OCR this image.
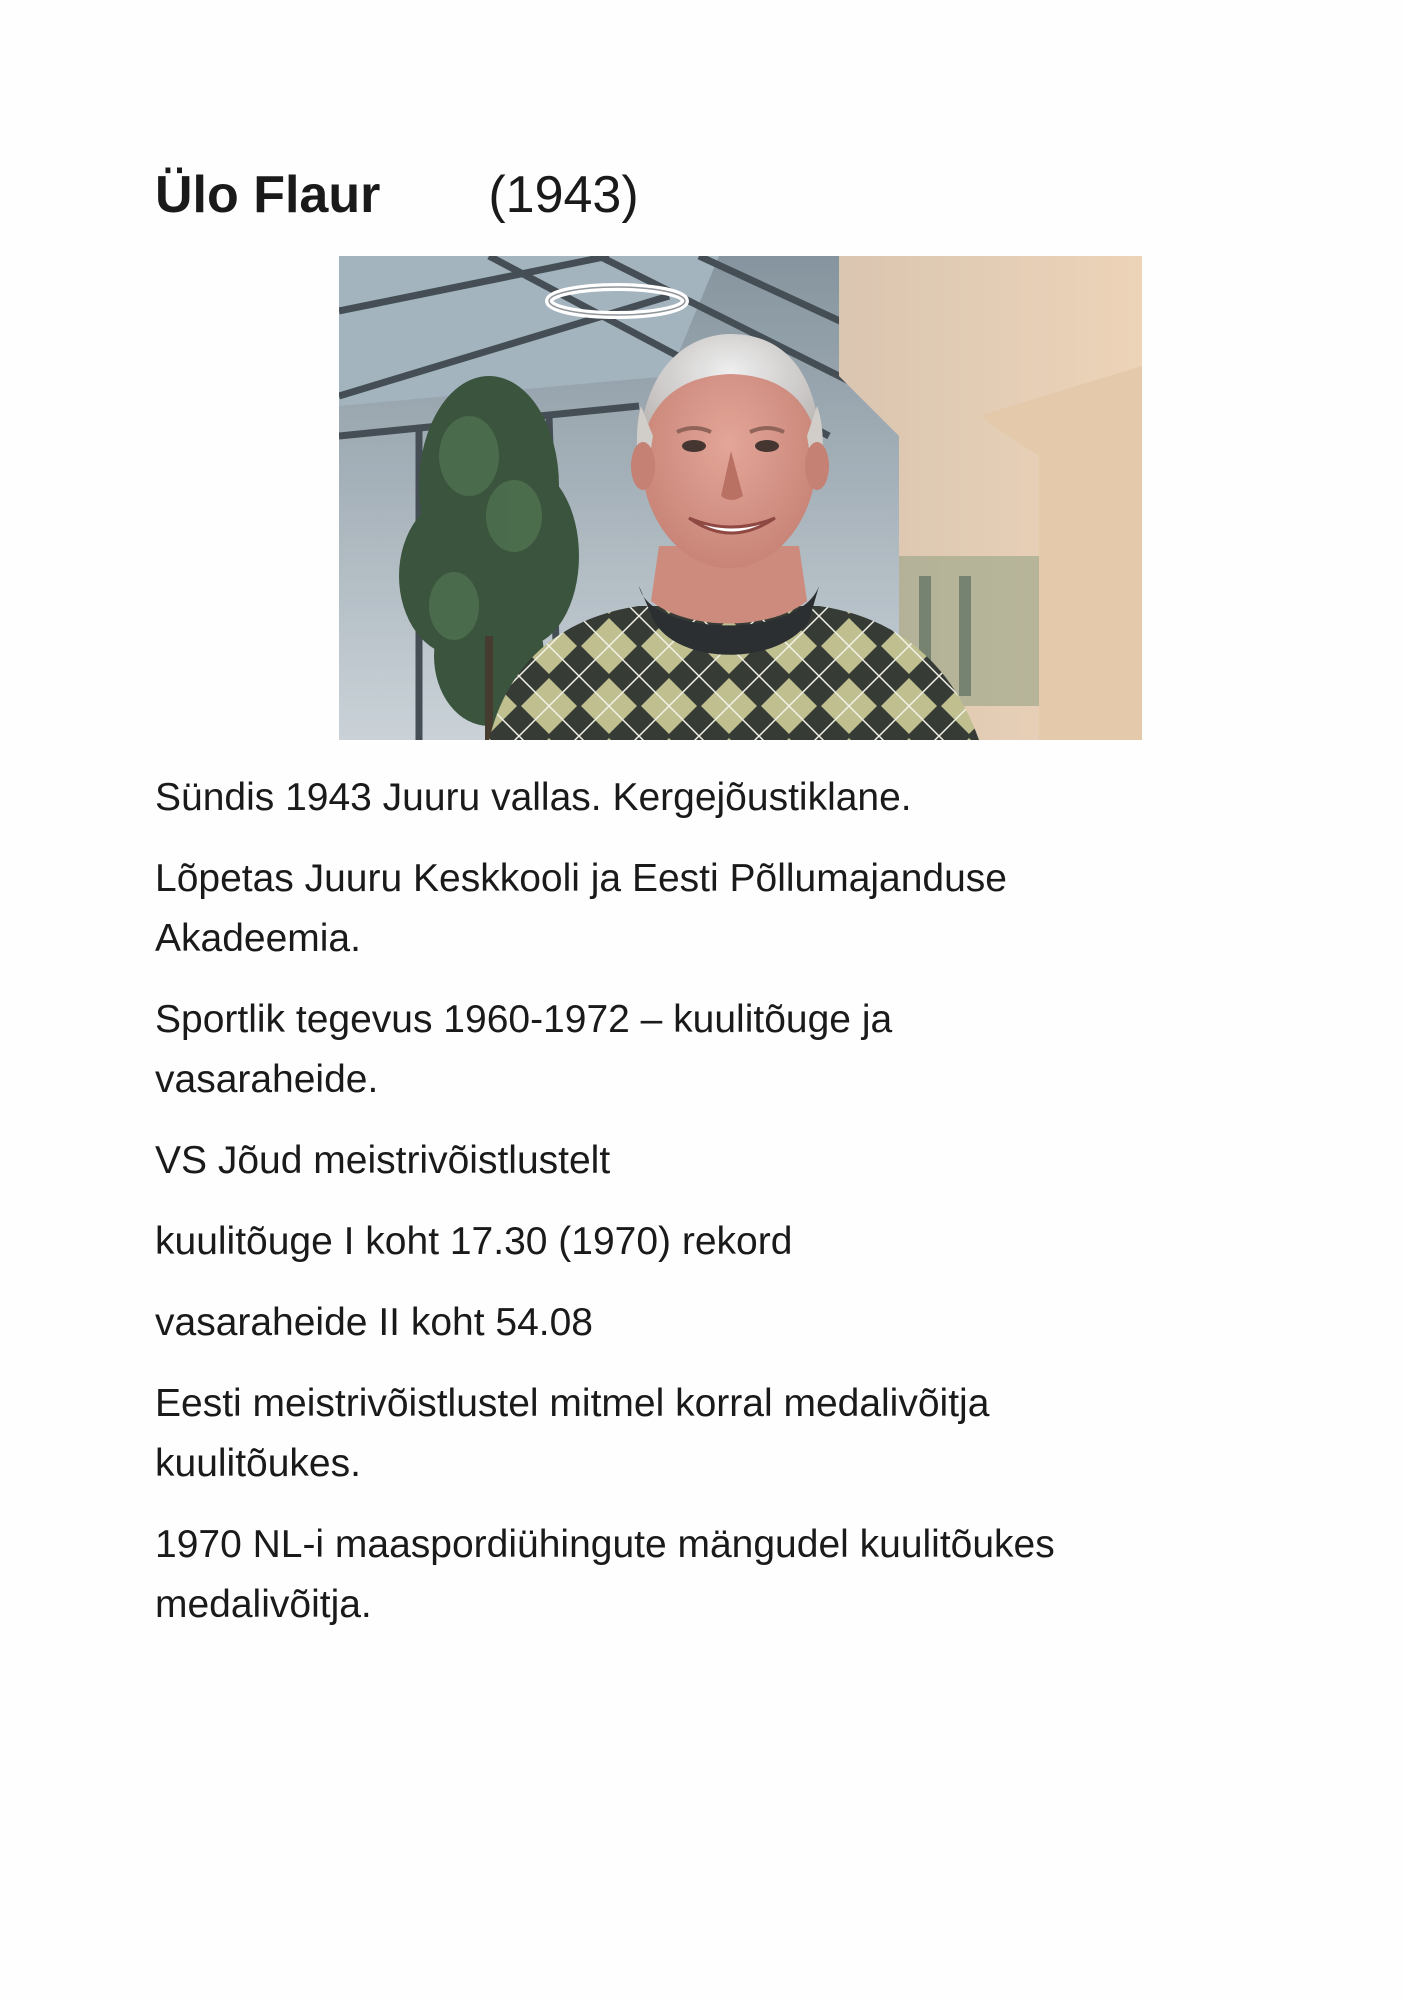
Ülo Flaur (1943)

Sündis 1943 Juuru vallas. Kergejõustiklane.

Lõpetas Juuru Keskkooli ja Eesti Põllumajanduse
Akadeemia.

Sportlik tegevus 1960-1972 – kuulitõuge ja
vasaraheide.

VS Jõud meistrivõistlustelt

kuulitõuge I koht 17.30 (1970) rekord

vasaraheide II koht 54.08

Eesti meistrivõistlustel mitmel korral medalivõitja
kuulitõukes.

1970 NL-i maaspordiühingute mängudel kuulitõukes
medalivõitja.
